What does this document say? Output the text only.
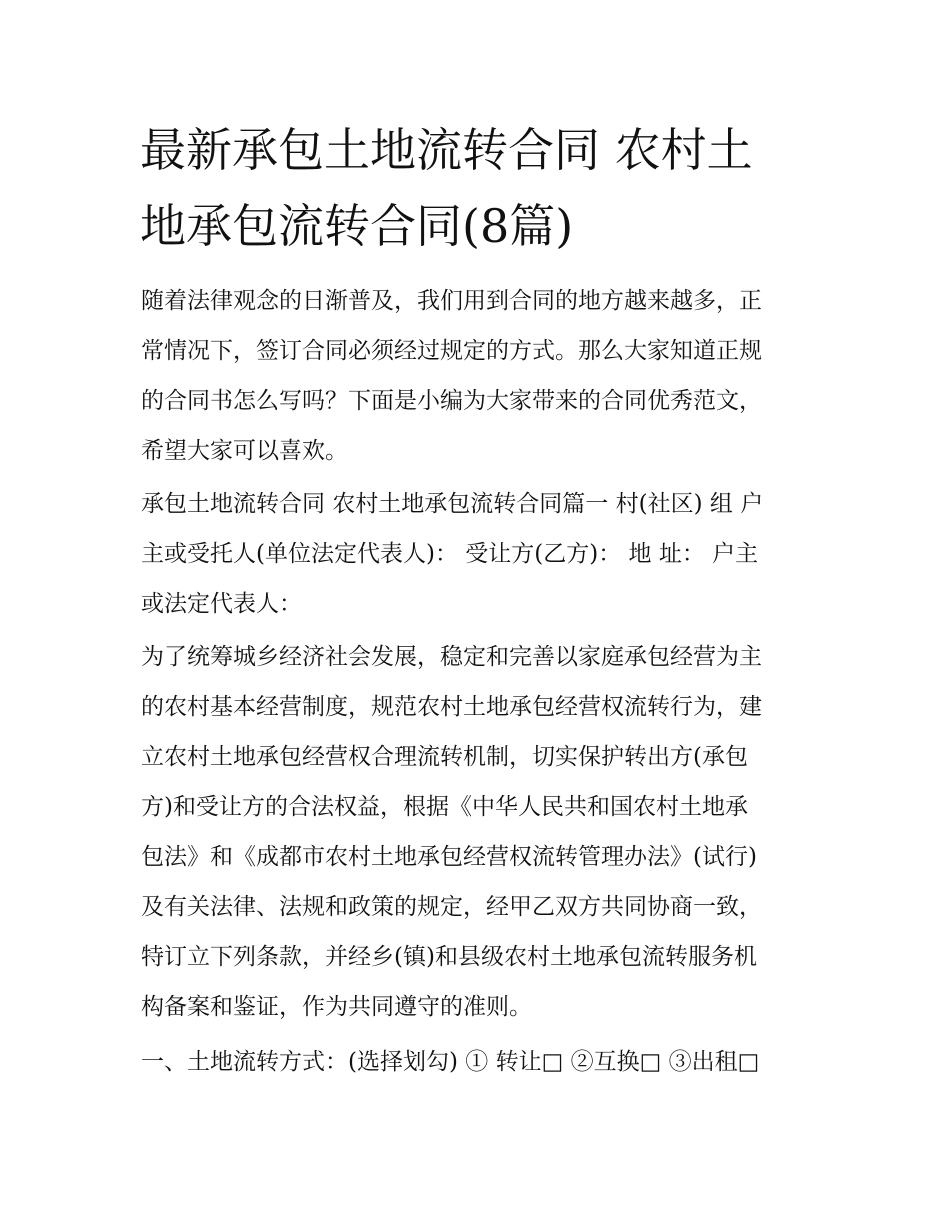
最新承包土地流转合同 农村土
地承包流转合同(8篇)
随着法律观念的日渐普及，我们用到合同的地方越来越多，正
常情况下，签订合同必须经过规定的方式。那么大家知道正规
的合同书怎么写吗？下面是小编为大家带来的合同优秀范文，
希望大家可以喜欢。
承包土地流转合同 农村土地承包流转合同篇一 村(社区) 组 户
主或受托人(单位法定代表人)： 受让方(乙方)： 地 址： 户主
或法定代表人：
为了统筹城乡经济社会发展，稳定和完善以家庭承包经营为主
的农村基本经营制度，规范农村土地承包经营权流转行为，建
立农村土地承包经营权合理流转机制，切实保护转出方(承包
方)和受让方的合法权益，根据《中华人民共和国农村土地承
包法》和《成都市农村土地承包经营权流转管理办法》(试行)
及有关法律、法规和政策的规定，经甲乙双方共同协商一致，
特订立下列条款，并经乡(镇)和县级农村土地承包流转服务机
构备案和鉴证，作为共同遵守的准则。
一、土地流转方式：(选择划勾) ① 转让□ ②互换□ ③出租□
